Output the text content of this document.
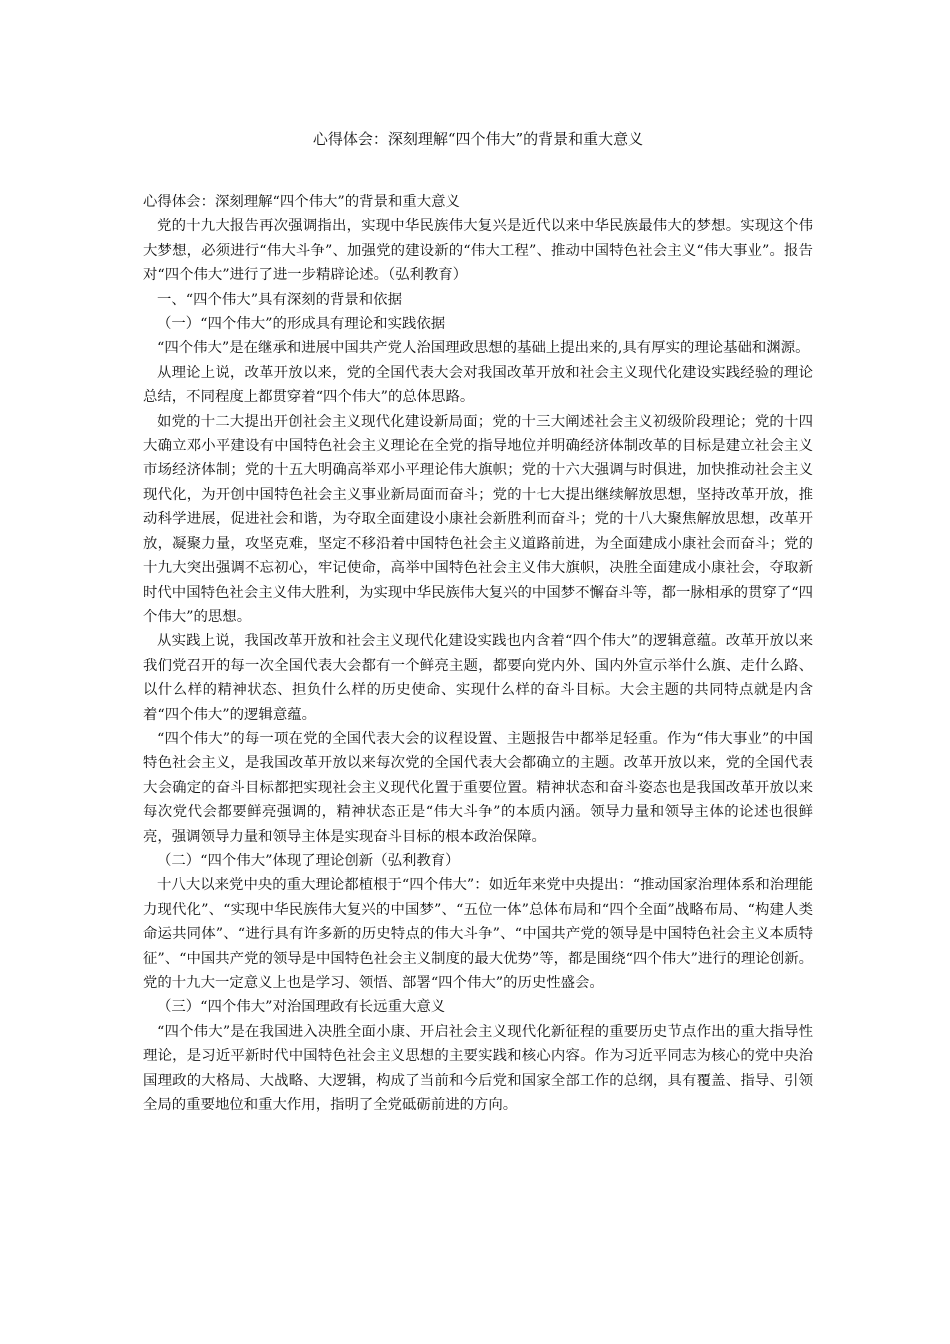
心得体会：深刻理解“四个伟大”的背景和重大意义

心得体会：深刻理解“四个伟大”的背景和重大意义

党的十九大报告再次强调指出，实现中华民族伟大复兴是近代以来中华民族最伟大的梦想。实现这个伟大梦想，必须进行“伟大斗争”、加强党的建设新的“伟大工程”、推动中国特色社会主义“伟大事业”。报告对“四个伟大”进行了进一步精辟论述。（弘利教育）

一、“四个伟大”具有深刻的背景和依据

（一）“四个伟大”的形成具有理论和实践依据

“四个伟大”是在继承和进展中国共产党人治国理政思想的基础上提出来的,具有厚实的理论基础和渊源。

从理论上说，改革开放以来，党的全国代表大会对我国改革开放和社会主义现代化建设实践经验的理论总结，不同程度上都贯穿着“四个伟大”的总体思路。

如党的十二大提出开创社会主义现代化建设新局面；党的十三大阐述社会主义初级阶段理论；党的十四大确立邓小平建设有中国特色社会主义理论在全党的指导地位并明确经济体制改革的目标是建立社会主义市场经济体制；党的十五大明确高举邓小平理论伟大旗帜；党的十六大强调与时俱进，加快推动社会主义现代化，为开创中国特色社会主义事业新局面而奋斗；党的十七大提出继续解放思想，坚持改革开放，推动科学进展，促进社会和谐，为夺取全面建设小康社会新胜利而奋斗；党的十八大聚焦解放思想，改革开放，凝聚力量，攻坚克难，坚定不移沿着中国特色社会主义道路前进，为全面建成小康社会而奋斗；党的十九大突出强调不忘初心，牢记使命，高举中国特色社会主义伟大旗帜，决胜全面建成小康社会，夺取新时代中国特色社会主义伟大胜利，为实现中华民族伟大复兴的中国梦不懈奋斗等，都一脉相承的贯穿了“四个伟大”的思想。

从实践上说，我国改革开放和社会主义现代化建设实践也内含着“四个伟大”的逻辑意蕴。改革开放以来我们党召开的每一次全国代表大会都有一个鲜亮主题，都要向党内外、国内外宣示举什么旗、走什么路、以什么样的精神状态、担负什么样的历史使命、实现什么样的奋斗目标。大会主题的共同特点就是内含着“四个伟大”的逻辑意蕴。

“四个伟大”的每一项在党的全国代表大会的议程设置、主题报告中都举足轻重。作为“伟大事业”的中国特色社会主义，是我国改革开放以来每次党的全国代表大会都确立的主题。改革开放以来，党的全国代表大会确定的奋斗目标都把实现社会主义现代化置于重要位置。精神状态和奋斗姿态也是我国改革开放以来每次党代会都要鲜亮强调的，精神状态正是“伟大斗争”的本质内涵。领导力量和领导主体的论述也很鲜亮，强调领导力量和领导主体是实现奋斗目标的根本政治保障。

（二）“四个伟大”体现了理论创新（弘利教育）

十八大以来党中央的重大理论都植根于“四个伟大”：如近年来党中央提出：“推动国家治理体系和治理能力现代化”、“实现中华民族伟大复兴的中国梦”、“五位一体”总体布局和“四个全面”战略布局、“构建人类命运共同体”、“进行具有许多新的历史特点的伟大斗争”、“中国共产党的领导是中国特色社会主义本质特征”、“中国共产党的领导是中国特色社会主义制度的最大优势”等，都是围绕“四个伟大”进行的理论创新。党的十九大一定意义上也是学习、领悟、部署“四个伟大”的历史性盛会。

（三）“四个伟大”对治国理政有长远重大意义

“四个伟大”是在我国进入决胜全面小康、开启社会主义现代化新征程的重要历史节点作出的重大指导性理论，是习近平新时代中国特色社会主义思想的主要实践和核心内容。作为习近平同志为核心的党中央治国理政的大格局、大战略、大逻辑，构成了当前和今后党和国家全部工作的总纲，具有覆盖、指导、引领全局的重要地位和重大作用，指明了全党砥砺前进的方向。
